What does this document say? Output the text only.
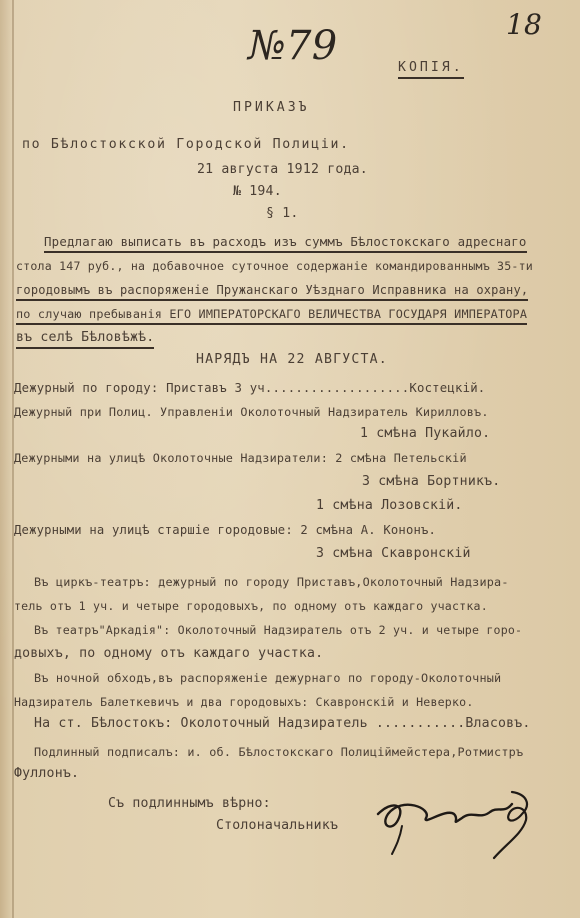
№79	18
КОПІЯ.
ПРИКАЗЪ
по Бѣлостокской Городской Полиціи.
21 августа 1912 года.
№ 194.
§ 1.
Предлагаю выписать въ расходъ изъ суммъ Бѣлостокскаго адреснаго
стола 147 руб., на добавочное суточное содержаніе командированнымъ 35-ти
городовымъ въ распоряженіе Пружанскаго Уѣзднаго Исправника на охрану,
по случаю пребыванія ЕГО ИМПЕРАТОРСКАГО ВЕЛИЧЕСТВА ГОСУДАРЯ ИМПЕРАТОРА
въ селѣ Бѣловѣжѣ.
НАРЯДЪ НА 22 АВГУСТА.
Дежурный по городу: Приставъ 3 уч...................Костецкій.
Дежурный при Полиц. Управленіи Околоточный Надзиратель Кирилловъ.
1 смѣна Пукайло.
Дежурными на улицѣ Околоточные Надзиратели: 2 смѣна Петельскій
3 смѣна Бортникъ.
1 смѣна Лозовскій.
Дежурными на улицѣ старшіе городовые: 2 смѣна А. Кононъ.
3 смѣна Скавронскій
Въ циркъ-театръ: дежурный по городу Приставъ,Околоточный Надзира-
тель отъ 1 уч. и четыре городовыхъ, по одному отъ каждаго участка.
Въ театръ"Аркадія": Околоточный Надзиратель отъ 2 уч. и четыре горо-
довыхъ, по одному отъ каждаго участка.
Въ ночной обходъ,въ распоряженіе дежурнаго по городу-Околоточный
Надзиратель Балеткевичъ и два городовыхъ: Скавронскій и Неверко.
На ст. Бѣлостокъ: Околоточный Надзиратель ...........Власовъ.
Подлинный подписалъ: и. об. Бѣлостокскаго Полиціймейстера,Ротмистръ
Фуллонъ.
Съ подлиннымъ вѣрно:
Столоначальникъ
